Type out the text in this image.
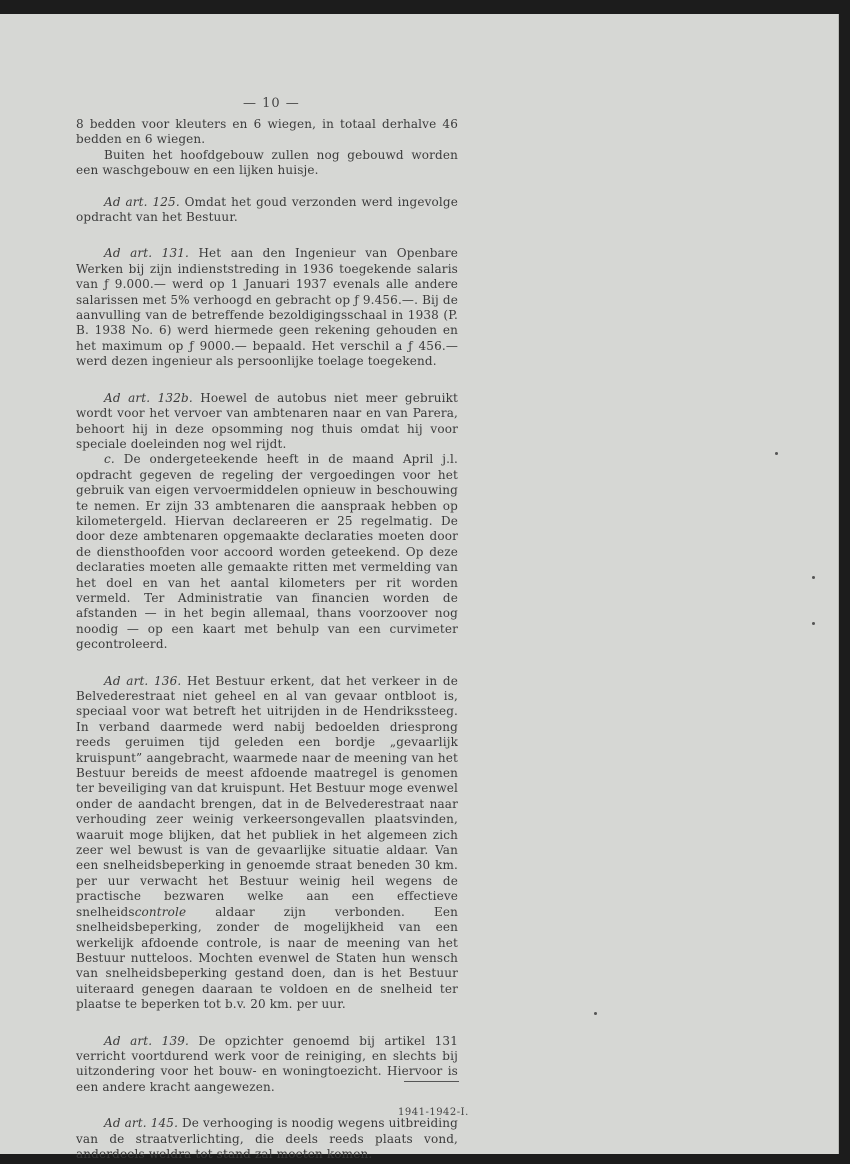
— 10 —

8 bedden voor kleuters en 6 wiegen, in totaal derhalve 46 bedden en 6 wiegen.

Buiten het hoofdgebouw zullen nog gebouwd worden een waschgebouw en een lijken huisje.

Ad art. 125. Omdat het goud verzonden werd ingevolge opdracht van het Bestuur.

Ad art. 131. Het aan den Ingenieur van Openbare Werken bij zijn indienststreding in 1936 toegekende salaris van ƒ 9.000.— werd op 1 Januari 1937 evenals alle andere salarissen met 5% verhoogd en gebracht op ƒ 9.456.—. Bij de aanvulling van de betreffende bezoldigingsschaal in 1938 (P. B. 1938 No. 6) werd hiermede geen rekening gehouden en het maximum op ƒ 9000.— bepaald. Het verschil a ƒ 456.— werd dezen ingenieur als persoonlijke toelage toegekend.

Ad art. 132b. Hoewel de autobus niet meer gebruikt wordt voor het vervoer van ambtenaren naar en van Parera, behoort hij in deze opsomming nog thuis omdat hij voor speciale doeleinden nog wel rijdt.

c. De ondergeteekende heeft in de maand April j.l. opdracht gegeven de regeling der vergoedingen voor het gebruik van eigen vervoermiddelen opnieuw in beschouwing te nemen. Er zijn 33 ambtenaren die aanspraak hebben op kilometergeld. Hiervan declareeren er 25 regelmatig. De door deze ambtenaren opgemaakte declaraties moeten door de diensthoofden voor accoord worden geteekend. Op deze declaraties moeten alle gemaakte ritten met vermelding van het doel en van het aantal kilometers per rit worden vermeld. Ter Administratie van financien worden de afstanden — in het begin allemaal, thans voorzoover nog noodig — op een kaart met behulp van een curvimeter gecontroleerd.

Ad art. 136. Het Bestuur erkent, dat het verkeer in de Belvederestraat niet geheel en al van gevaar ontbloot is, speciaal voor wat betreft het uitrijden in de Hendrikssteeg. In verband daarmede werd nabij bedoelden driesprong reeds geruimen tijd geleden een bordje „gevaarlijk kruispunt” aangebracht, waarmede naar de meening van het Bestuur bereids de meest afdoende maatregel is genomen ter beveiliging van dat kruispunt. Het Bestuur moge evenwel onder de aandacht brengen, dat in de Belvederestraat naar verhouding zeer weinig verkeersongevallen plaatsvinden, waaruit moge blijken, dat het publiek in het algemeen zich zeer wel bewust is van de gevaarlijke situatie aldaar. Van een snelheidsbeperking in genoemde straat beneden 30 km. per uur verwacht het Bestuur weinig heil wegens de practische bezwaren welke aan een effectieve snelheidscontrole aldaar zijn verbonden. Een snelheidsbeperking, zonder de mogelijkheid van een werkelijk afdoende controle, is naar de meening van het Bestuur nutteloos. Mochten evenwel de Staten hun wensch van snelheidsbeperking gestand doen, dan is het Bestuur uiteraard genegen daaraan te voldoen en de snelheid ter plaatse te beperken tot b.v. 20 km. per uur.

Ad art. 139. De opzichter genoemd bij artikel 131 verricht voortdurend werk voor de reiniging, en slechts bij uitzondering voor het bouw- en woningtoezicht. Hiervoor is een andere kracht aangewezen.

Ad art. 145. De verhooging is noodig wegens uitbreiding van de straatverlichting, die deels reeds plaats vond, anderdeels weldra tot stand zal moeten komen.

1941-1942-I.
